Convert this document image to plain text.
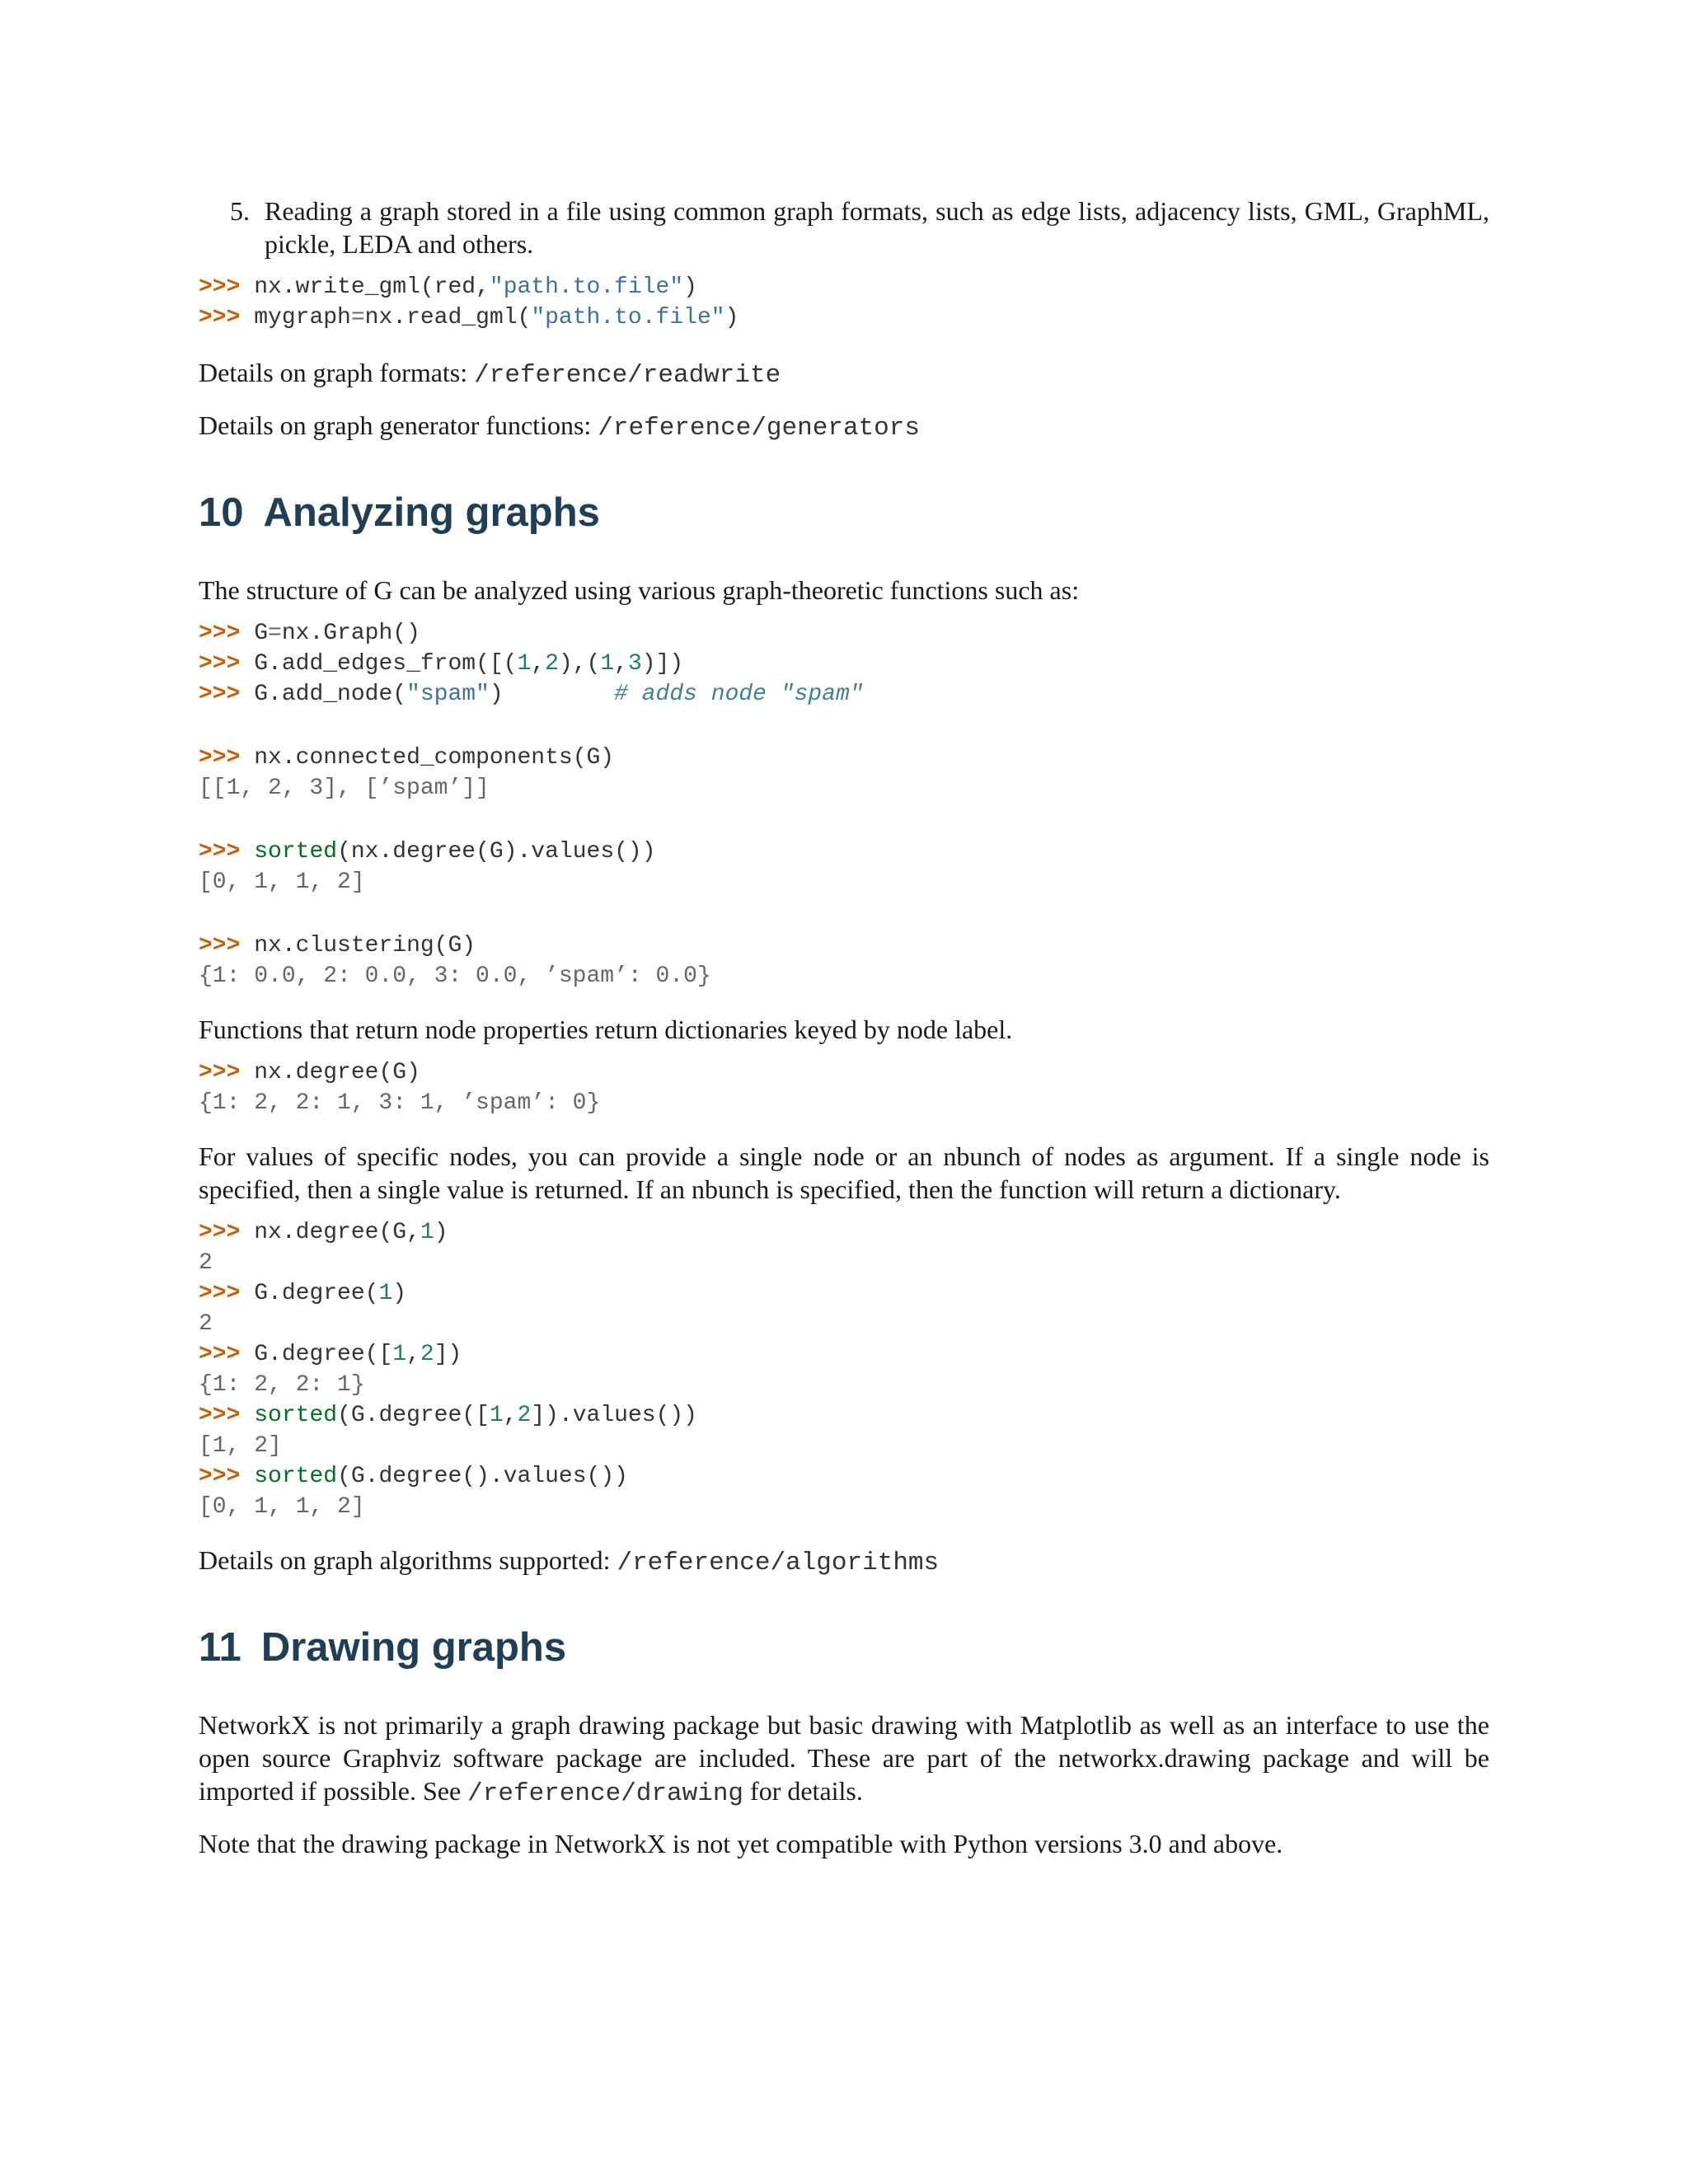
5. Reading a graph stored in a file using common graph formats, such as edge lists, adjacency lists, GML, GraphML, pickle, LEDA and others.
>>> nx.write_gml(red,"path.to.file")
>>> mygraph=nx.read_gml("path.to.file")

Details on graph formats: /reference/readwrite

Details on graph generator functions: /reference/generators

10 Analyzing graphs

The structure of G can be analyzed using various graph-theoretic functions such as:

>>> G=nx.Graph()
>>> G.add_edges_from([(1,2),(1,3)])
>>> G.add_node("spam")	# adds node "spam"
>>> nx.connected_components(G)
[[1, 2, 3], [’spam’]]
>>> sorted(nx.degree(G).values())
[0, 1, 1, 2]
>>> nx.clustering(G)
{1: 0.0, 2: 0.0, 3: 0.0, ’spam’: 0.0}

Functions that return node properties return dictionaries keyed by node label.

>>> nx.degree(G)
{1: 2, 2: 1, 3: 1, ’spam’: 0}

For values of specific nodes, you can provide a single node or an nbunch of nodes as argument. If a single node is specified, then a single value is returned. If an nbunch is specified, then the function will return a dictionary.

>>> nx.degree(G,1)
2
>>> G.degree(1)
2
>>> G.degree([1,2])
{1: 2, 2: 1}
>>> sorted(G.degree([1,2]).values())
[1, 2]
>>> sorted(G.degree().values())
[0, 1, 1, 2]

Details on graph algorithms supported: /reference/algorithms

11 Drawing graphs

NetworkX is not primarily a graph drawing package but basic drawing with Matplotlib as well as an interface to use the open source Graphviz software package are included. These are part of the networkx.drawing package and will be imported if possible. See /reference/drawing for details.

Note that the drawing package in NetworkX is not yet compatible with Python versions 3.0 and above.
